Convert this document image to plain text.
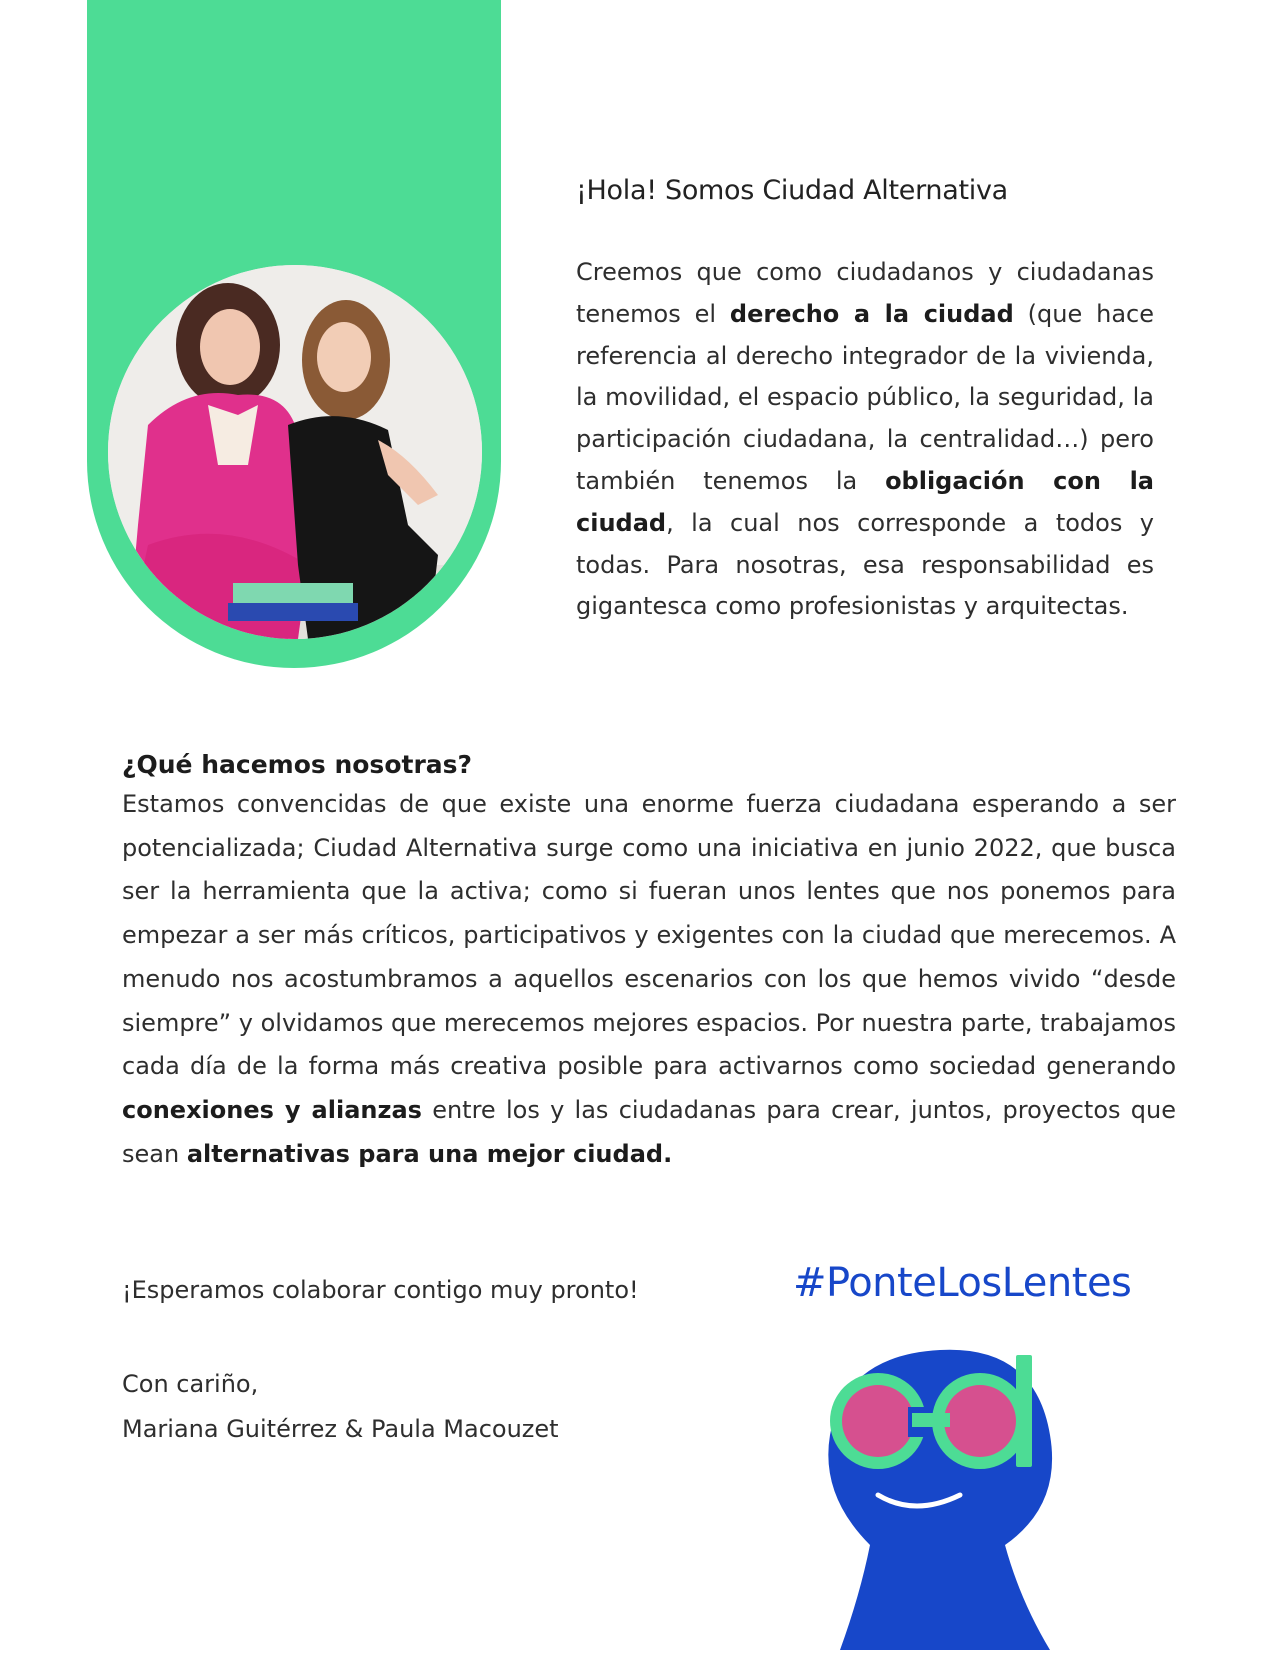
¡Hola! Somos Ciudad Alternativa

Creemos que como ciudadanos y ciudadanas tenemos el derecho a la ciudad (que hace referencia al derecho integrador de la vivienda, la movilidad, el espacio público, la seguridad, la participación ciudadana, la centralidad…) pero también tenemos la obligación con la ciudad, la cual nos corresponde a todos y todas. Para nosotras, esa responsabilidad es gigantesca como profesionistas y arquitectas.

¿Qué hacemos nosotras?

Estamos convencidas de que existe una enorme fuerza ciudadana esperando a ser potencializada; Ciudad Alternativa surge como una iniciativa en junio 2022, que busca ser la herramienta que la activa; como si fueran unos lentes que nos ponemos para empezar a ser más críticos, participativos y exigentes con la ciudad que merecemos. A menudo nos acostumbramos a aquellos escenarios con los que hemos vivido “desde siempre” y olvidamos que merecemos mejores espacios. Por nuestra parte, trabajamos cada día de la forma más creativa posible para activarnos como sociedad generando conexiones y alianzas entre los y las ciudadanas para crear, juntos, proyectos que sean alternativas para una mejor ciudad.

¡Esperamos colaborar contigo muy pronto!

Con cariño,
Mariana Guitérrez & Paula Macouzet
#PonteLosLentes
